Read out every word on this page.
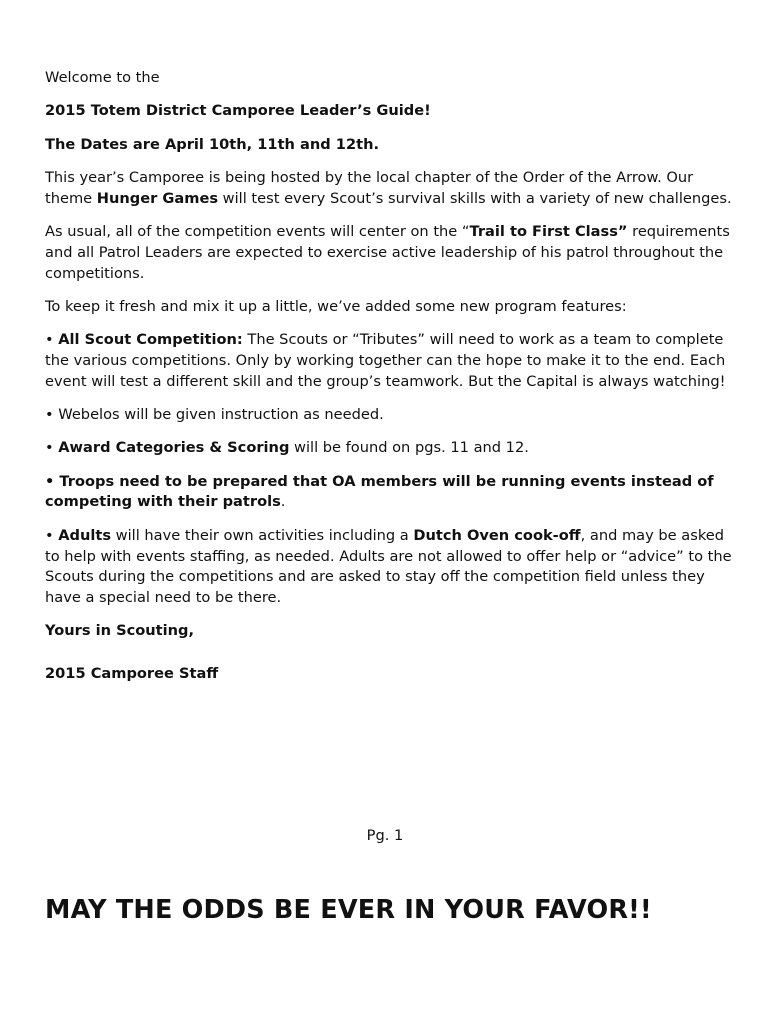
Welcome to the

2015 Totem District Camporee Leader’s Guide!

The Dates are April 10th, 11th and 12th.

This year’s Camporee is being hosted by the local chapter of the Order of the Arrow. Our theme Hunger Games will test every Scout’s survival skills with a variety of new challenges.

As usual, all of the competition events will center on the “Trail to First Class” requirements and all Patrol Leaders are expected to exercise active leadership of his patrol throughout the competitions.

To keep it fresh and mix it up a little, we’ve added some new program features:

• All Scout Competition: The Scouts or “Tributes” will need to work as a team to complete the various competitions. Only by working together can the hope to make it to the end. Each event will test a different skill and the group’s teamwork. But the Capital is always watching!

• Webelos will be given instruction as needed.

• Award Categories & Scoring will be found on pgs. 11 and 12.

• Troops need to be prepared that OA members will be running events instead of competing with their patrols.

• Adults will have their own activities including a Dutch Oven cook-off, and may be asked to help with events staffing, as needed. Adults are not allowed to offer help or “advice” to the Scouts during the competitions and are asked to stay off the competition field unless they have a special need to be there.

Yours in Scouting,

2015 Camporee Staff

Pg. 1
MAY THE ODDS BE EVER IN YOUR FAVOR!!
